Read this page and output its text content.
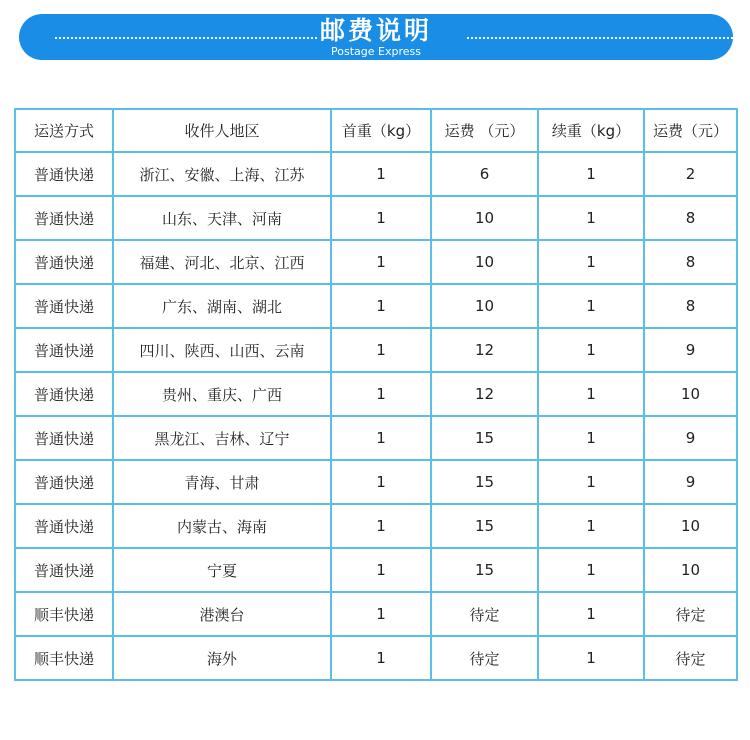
邮费说明
Postage Express
运送方式	收件人地区	首重（kg）	运费 （元）	续重（kg）	运费（元）
普通快递	浙江、安徽、上海、江苏	1	6	1	2
普通快递	山东、天津、河南	1	10	1	8
普通快递	福建、河北、北京、江西	1	10	1	8
普通快递	广东、湖南、湖北	1	10	1	8
普通快递	四川、陕西、山西、云南	1	12	1	9
普通快递	贵州、重庆、广西	1	12	1	10
普通快递	黑龙江、吉林、辽宁	1	15	1	9
普通快递	青海、甘肃	1	15	1	9
普通快递	内蒙古、海南	1	15	1	10
普通快递	宁夏	1	15	1	10
顺丰快递	港澳台	1	待定	1	待定
顺丰快递	海外	1	待定	1	待定
